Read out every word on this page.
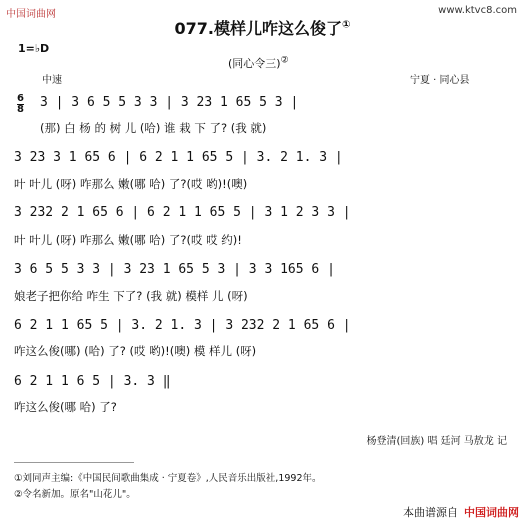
中国词曲网	www.ktvc8.com
077.模样儿咋这么俊了①
1=♭D
(同心令三)②
中速	宁夏 · 同心县
6
8 3 | 3 6 5 5 3 3 | 3 23 1 65 5 3 |
(那) 白 杨 的 树 儿 (哈) 谁 栽 下 了? (我 就)
3 23 3 1 65 6 | 6 2 1 1 65 5 | 3. 2 1. 3 |
叶 叶儿 (呀) 咋那么 嫩(哪 哈) 了?(哎 哟)!(噢)
3 232 2 1 65 6 | 6 2 1 1 65 5 | 3 1 2 3 3 |
叶 叶儿 (呀) 咋那么 嫩(哪 哈) 了?(哎 哎 约)!
3 6 5 5 3 3 | 3 23 1 65 5 3 | 3 3 165 6 |
娘老子把你给 咋生 下了? (我 就) 模样 儿 (呀)
6 2 1 1 65 5 | 3. 2 1. 3 | 3 232 2 1 65 6 |
咋这么俊(哪) (哈) 了? (哎 哟)!(噢) 模 样儿 (呀)
6 2 1 1 6 5 | 3. 3 ‖
咋这么俊(哪 哈) 了?
杨登清(回族) 唱 廷河 马敖龙 记
①刘同声主编:《中国民间歌曲集成 · 宁夏卷》,人民音乐出版社,1992年。
②令名新加。原名"山花儿"。
本曲谱源自 中国词曲网
